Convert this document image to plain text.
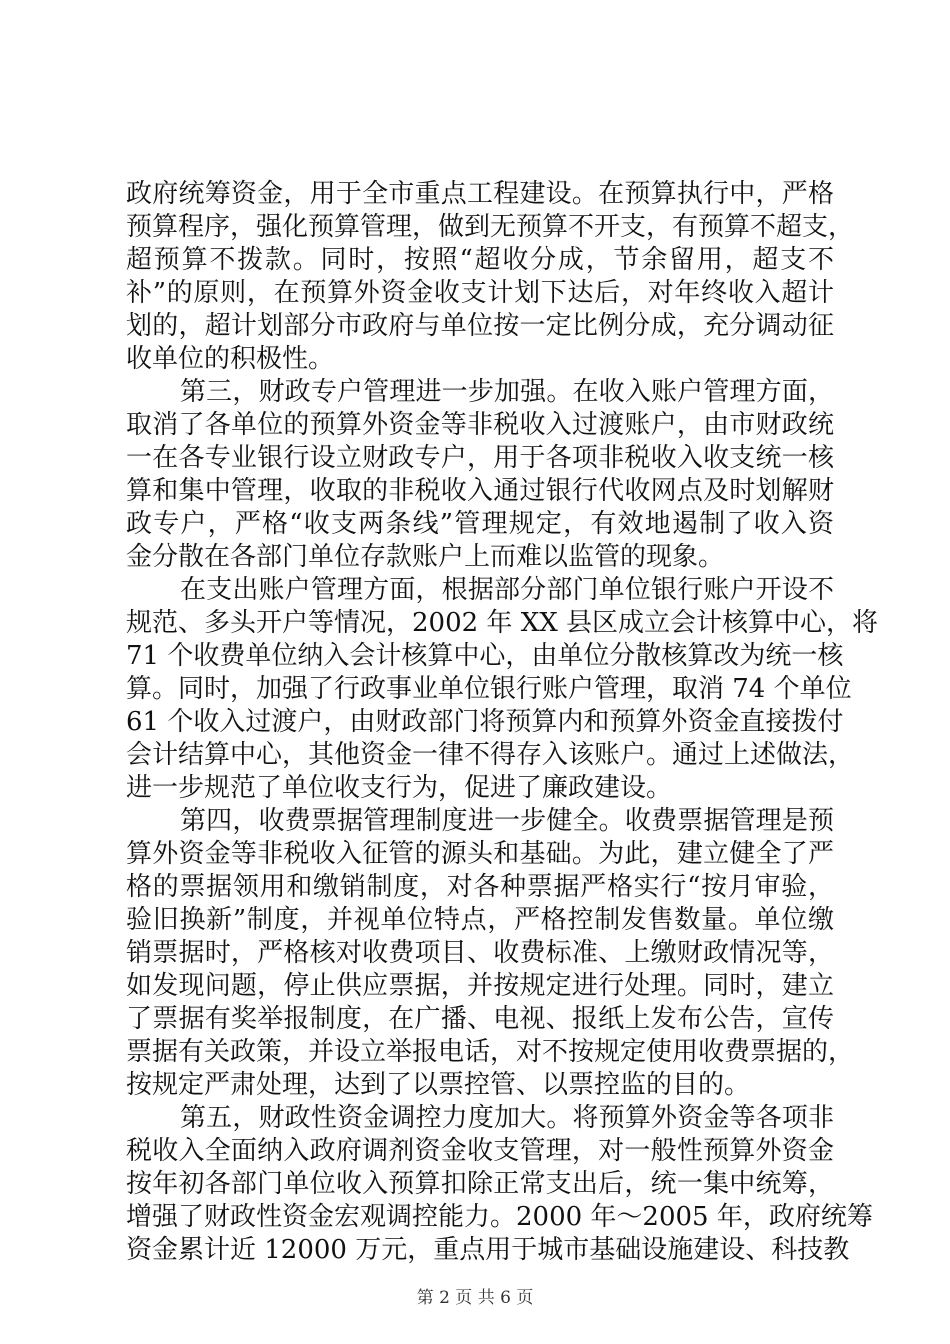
政府统筹资金，用于全市重点工程建设。在预算执行中，严格
预算程序，强化预算管理，做到无预算不开支，有预算不超支，
超预算不拨款。同时，按照“超收分成，节余留用，超支不
补”的原则，在预算外资金收支计划下达后，对年终收入超计
划的，超计划部分市政府与单位按一定比例分成，充分调动征
收单位的积极性。
第三，财政专户管理进一步加强。在收入账户管理方面，
取消了各单位的预算外资金等非税收入过渡账户，由市财政统
一在各专业银行设立财政专户，用于各项非税收入收支统一核
算和集中管理，收取的非税收入通过银行代收网点及时划解财
政专户，严格“收支两条线”管理规定，有效地遏制了收入资
金分散在各部门单位存款账户上而难以监管的现象。
在支出账户管理方面，根据部分部门单位银行账户开设不
规范、多头开户等情况，2002 年 XX 县区成立会计核算中心，将
71 个收费单位纳入会计核算中心，由单位分散核算改为统一核
算。同时，加强了行政事业单位银行账户管理，取消 74 个单位
61 个收入过渡户，由财政部门将预算内和预算外资金直接拨付
会计结算中心，其他资金一律不得存入该账户。通过上述做法，
进一步规范了单位收支行为，促进了廉政建设。
第四，收费票据管理制度进一步健全。收费票据管理是预
算外资金等非税收入征管的源头和基础。为此，建立健全了严
格的票据领用和缴销制度，对各种票据严格实行“按月审验，
验旧换新”制度，并视单位特点，严格控制发售数量。单位缴
销票据时，严格核对收费项目、收费标准、上缴财政情况等，
如发现问题，停止供应票据，并按规定进行处理。同时，建立
了票据有奖举报制度，在广播、电视、报纸上发布公告，宣传
票据有关政策，并设立举报电话，对不按规定使用收费票据的，
按规定严肃处理，达到了以票控管、以票控监的目的。
第五，财政性资金调控力度加大。将预算外资金等各项非
税收入全面纳入政府调剂资金收支管理，对一般性预算外资金
按年初各部门单位收入预算扣除正常支出后，统一集中统筹，
增强了财政性资金宏观调控能力。2000 年～2005 年，政府统筹
资金累计近 12000 万元，重点用于城市基础设施建设、科技教
第 2 页 共 6 页
